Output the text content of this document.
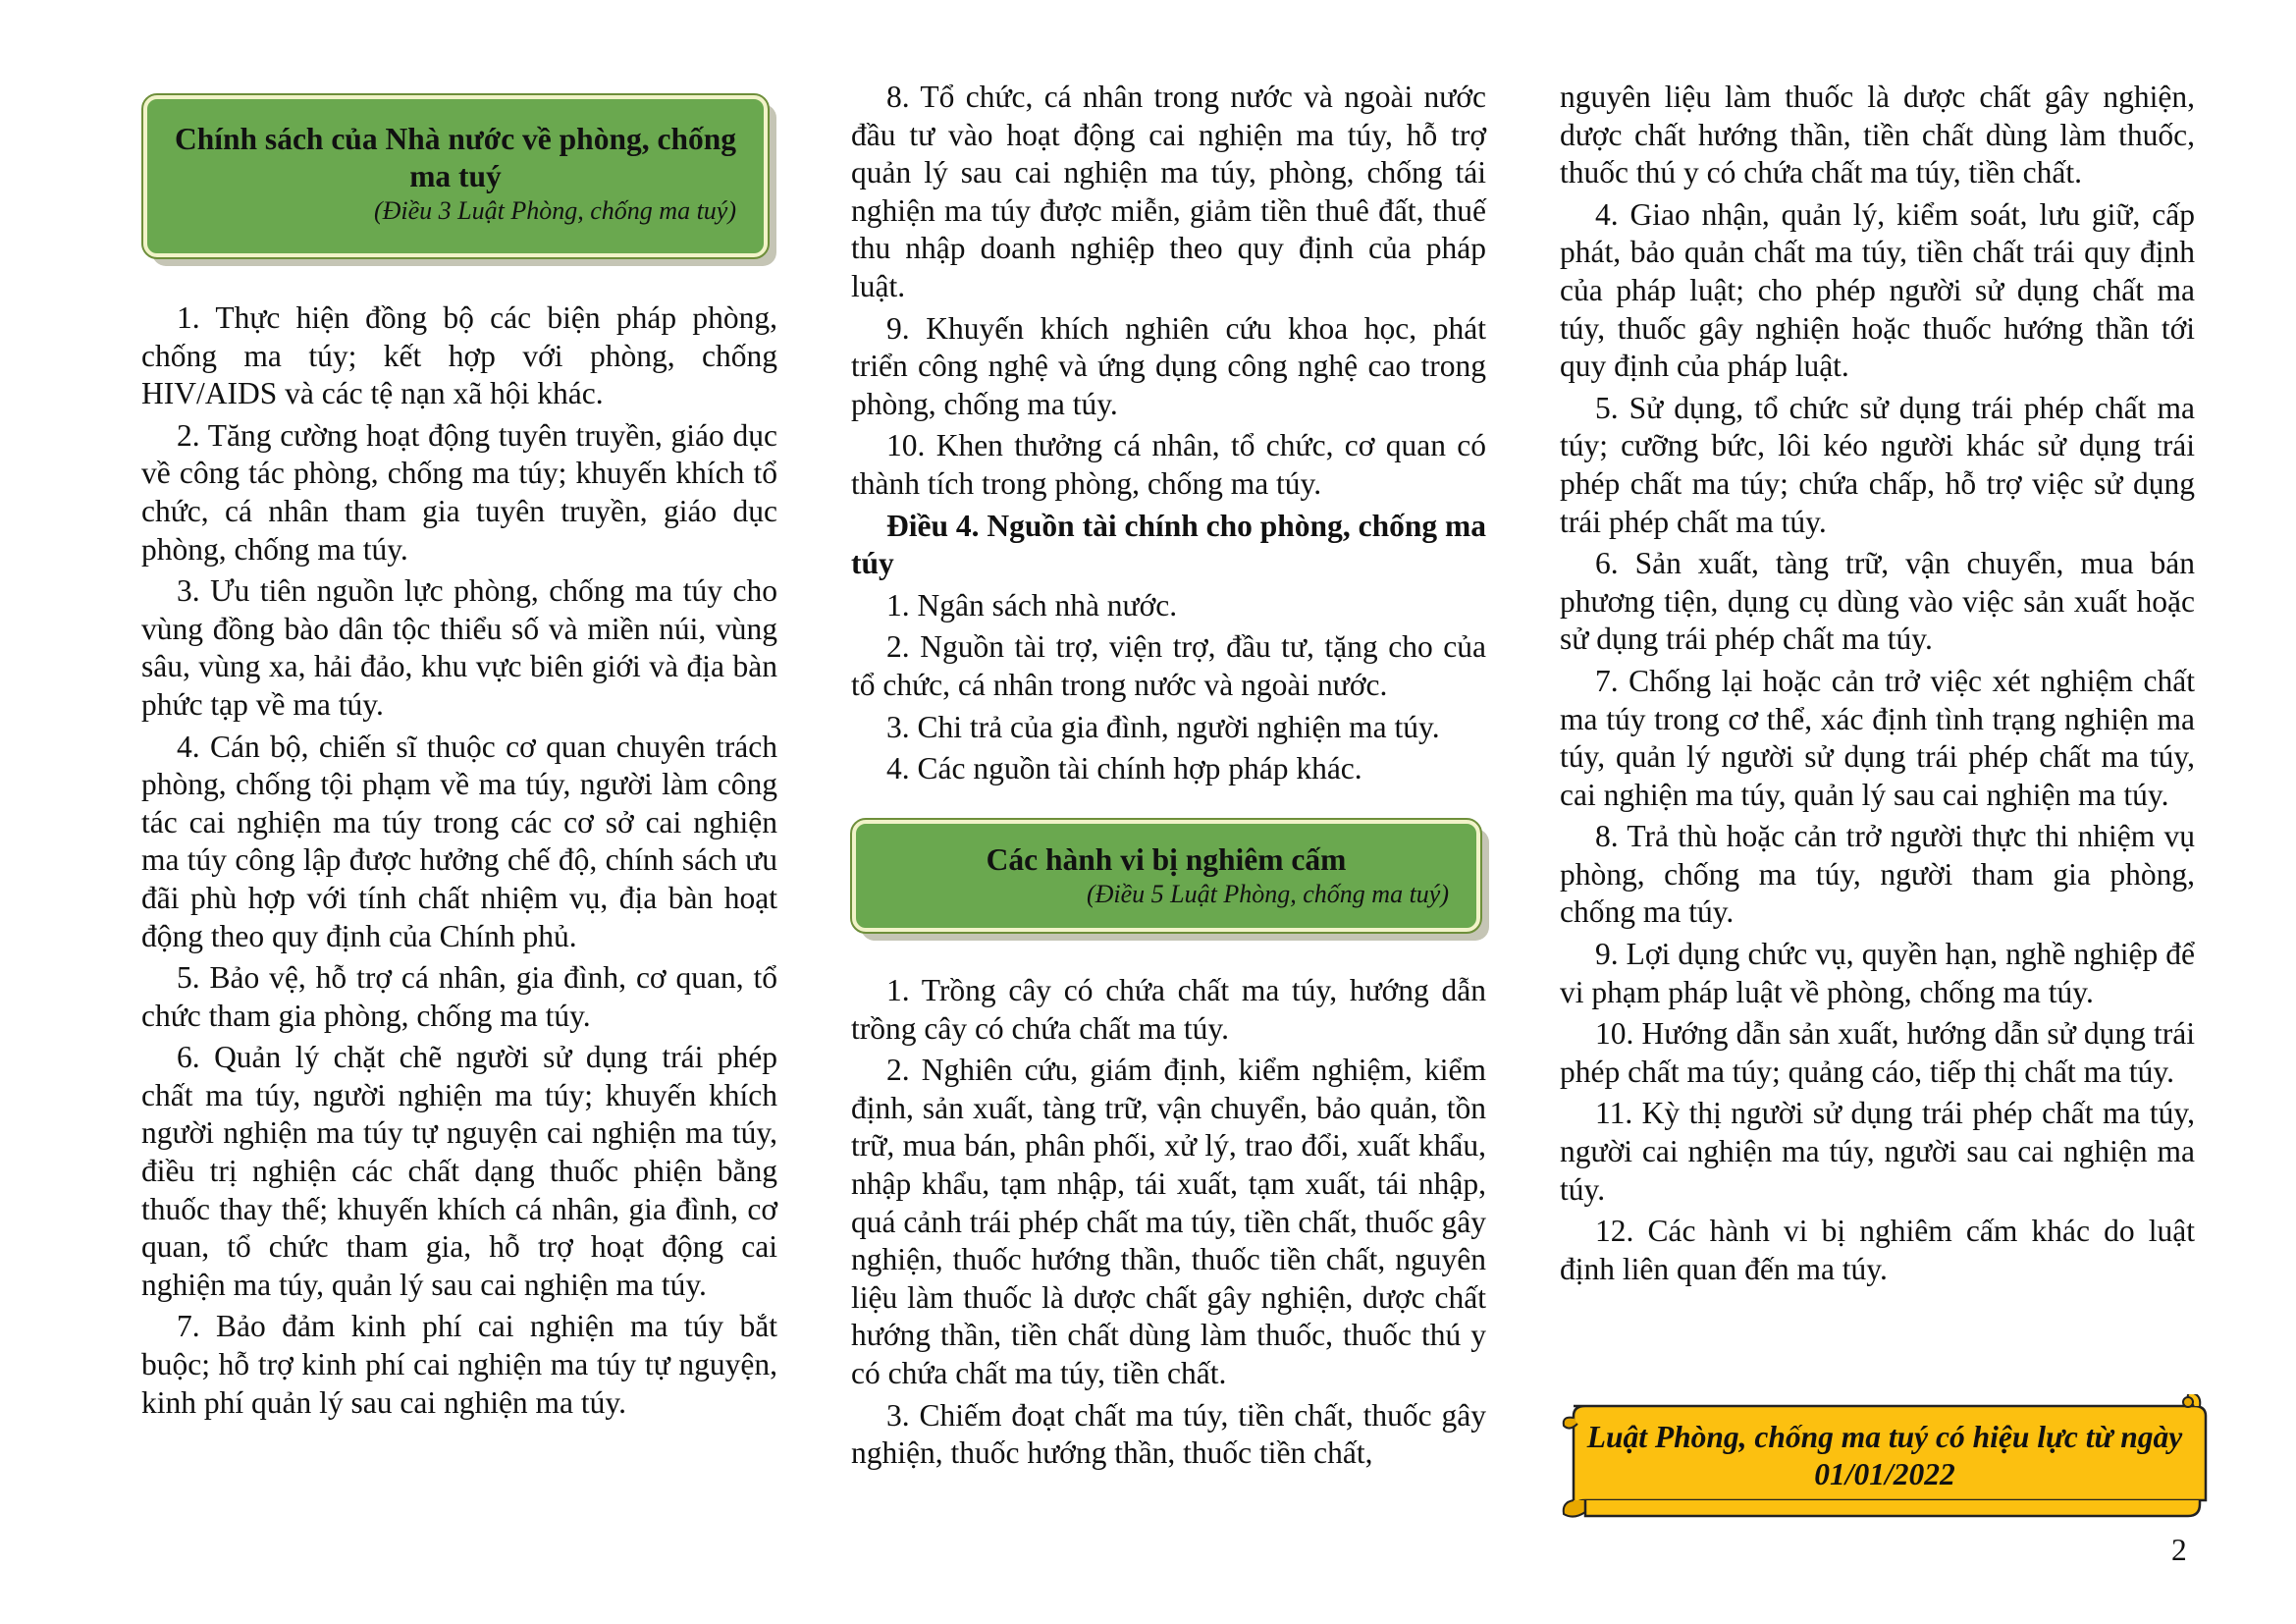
Chính sách của Nhà nước về phòng, chống ma tuý
(Điều 3 Luật Phòng, chống ma tuý)

1. Thực hiện đồng bộ các biện pháp phòng, chống ma túy; kết hợp với phòng, chống HIV/AIDS và các tệ nạn xã hội khác.

2. Tăng cường hoạt động tuyên truyền, giáo dục về công tác phòng, chống ma túy; khuyến khích tổ chức, cá nhân tham gia tuyên truyền, giáo dục phòng, chống ma túy.

3. Ưu tiên nguồn lực phòng, chống ma túy cho vùng đồng bào dân tộc thiểu số và miền núi, vùng sâu, vùng xa, hải đảo, khu vực biên giới và địa bàn phức tạp về ma túy.

4. Cán bộ, chiến sĩ thuộc cơ quan chuyên trách phòng, chống tội phạm về ma túy, người làm công tác cai nghiện ma túy trong các cơ sở cai nghiện ma túy công lập được hưởng chế độ, chính sách ưu đãi phù hợp với tính chất nhiệm vụ, địa bàn hoạt động theo quy định của Chính phủ.

5. Bảo vệ, hỗ trợ cá nhân, gia đình, cơ quan, tổ chức tham gia phòng, chống ma túy.

6. Quản lý chặt chẽ người sử dụng trái phép chất ma túy, người nghiện ma túy; khuyến khích người nghiện ma túy tự nguyện cai nghiện ma túy, điều trị nghiện các chất dạng thuốc phiện bằng thuốc thay thế; khuyến khích cá nhân, gia đình, cơ quan, tổ chức tham gia, hỗ trợ hoạt động cai nghiện ma túy, quản lý sau cai nghiện ma túy.

7. Bảo đảm kinh phí cai nghiện ma túy bắt buộc; hỗ trợ kinh phí cai nghiện ma túy tự nguyện, kinh phí quản lý sau cai nghiện ma túy.

8. Tổ chức, cá nhân trong nước và ngoài nước đầu tư vào hoạt động cai nghiện ma túy, hỗ trợ quản lý sau cai nghiện ma túy, phòng, chống tái nghiện ma túy được miễn, giảm tiền thuê đất, thuế thu nhập doanh nghiệp theo quy định của pháp luật.

9. Khuyến khích nghiên cứu khoa học, phát triển công nghệ và ứng dụng công nghệ cao trong phòng, chống ma túy.

10. Khen thưởng cá nhân, tổ chức, cơ quan có thành tích trong phòng, chống ma túy.

Điều 4. Nguồn tài chính cho phòng, chống ma túy

1. Ngân sách nhà nước.

2. Nguồn tài trợ, viện trợ, đầu tư, tặng cho của tổ chức, cá nhân trong nước và ngoài nước.

3. Chi trả của gia đình, người nghiện ma túy.

4. Các nguồn tài chính hợp pháp khác.

Các hành vi bị nghiêm cấm
(Điều 5 Luật Phòng, chống ma tuý)

1. Trồng cây có chứa chất ma túy, hướng dẫn trồng cây có chứa chất ma túy.

2. Nghiên cứu, giám định, kiểm nghiệm, kiểm định, sản xuất, tàng trữ, vận chuyển, bảo quản, tồn trữ, mua bán, phân phối, xử lý, trao đổi, xuất khẩu, nhập khẩu, tạm nhập, tái xuất, tạm xuất, tái nhập, quá cảnh trái phép chất ma túy, tiền chất, thuốc gây nghiện, thuốc hướng thần, thuốc tiền chất, nguyên liệu làm thuốc là dược chất gây nghiện, dược chất hướng thần, tiền chất dùng làm thuốc, thuốc thú y có chứa chất ma túy, tiền chất.

3. Chiếm đoạt chất ma túy, tiền chất, thuốc gây nghiện, thuốc hướng thần, thuốc tiền chất,

nguyên liệu làm thuốc là dược chất gây nghiện, dược chất hướng thần, tiền chất dùng làm thuốc, thuốc thú y có chứa chất ma túy, tiền chất.

4. Giao nhận, quản lý, kiểm soát, lưu giữ, cấp phát, bảo quản chất ma túy, tiền chất trái quy định của pháp luật; cho phép người sử dụng chất ma túy, thuốc gây nghiện hoặc thuốc hướng thần tới quy định của pháp luật.

5. Sử dụng, tổ chức sử dụng trái phép chất ma túy; cưỡng bức, lôi kéo người khác sử dụng trái phép chất ma túy; chứa chấp, hỗ trợ việc sử dụng trái phép chất ma túy.

6. Sản xuất, tàng trữ, vận chuyển, mua bán phương tiện, dụng cụ dùng vào việc sản xuất hoặc sử dụng trái phép chất ma túy.

7. Chống lại hoặc cản trở việc xét nghiệm chất ma túy trong cơ thể, xác định tình trạng nghiện ma túy, quản lý người sử dụng trái phép chất ma túy, cai nghiện ma túy, quản lý sau cai nghiện ma túy.

8. Trả thù hoặc cản trở người thực thi nhiệm vụ phòng, chống ma túy, người tham gia phòng, chống ma túy.

9. Lợi dụng chức vụ, quyền hạn, nghề nghiệp để vi phạm pháp luật về phòng, chống ma túy.

10. Hướng dẫn sản xuất, hướng dẫn sử dụng trái phép chất ma túy; quảng cáo, tiếp thị chất ma túy.

11. Kỳ thị người sử dụng trái phép chất ma túy, người cai nghiện ma túy, người sau cai nghiện ma túy.

12. Các hành vi bị nghiêm cấm khác do luật định liên quan đến ma túy.

Luật Phòng, chống ma tuý có hiệu lực từ ngày 01/01/2022
2
